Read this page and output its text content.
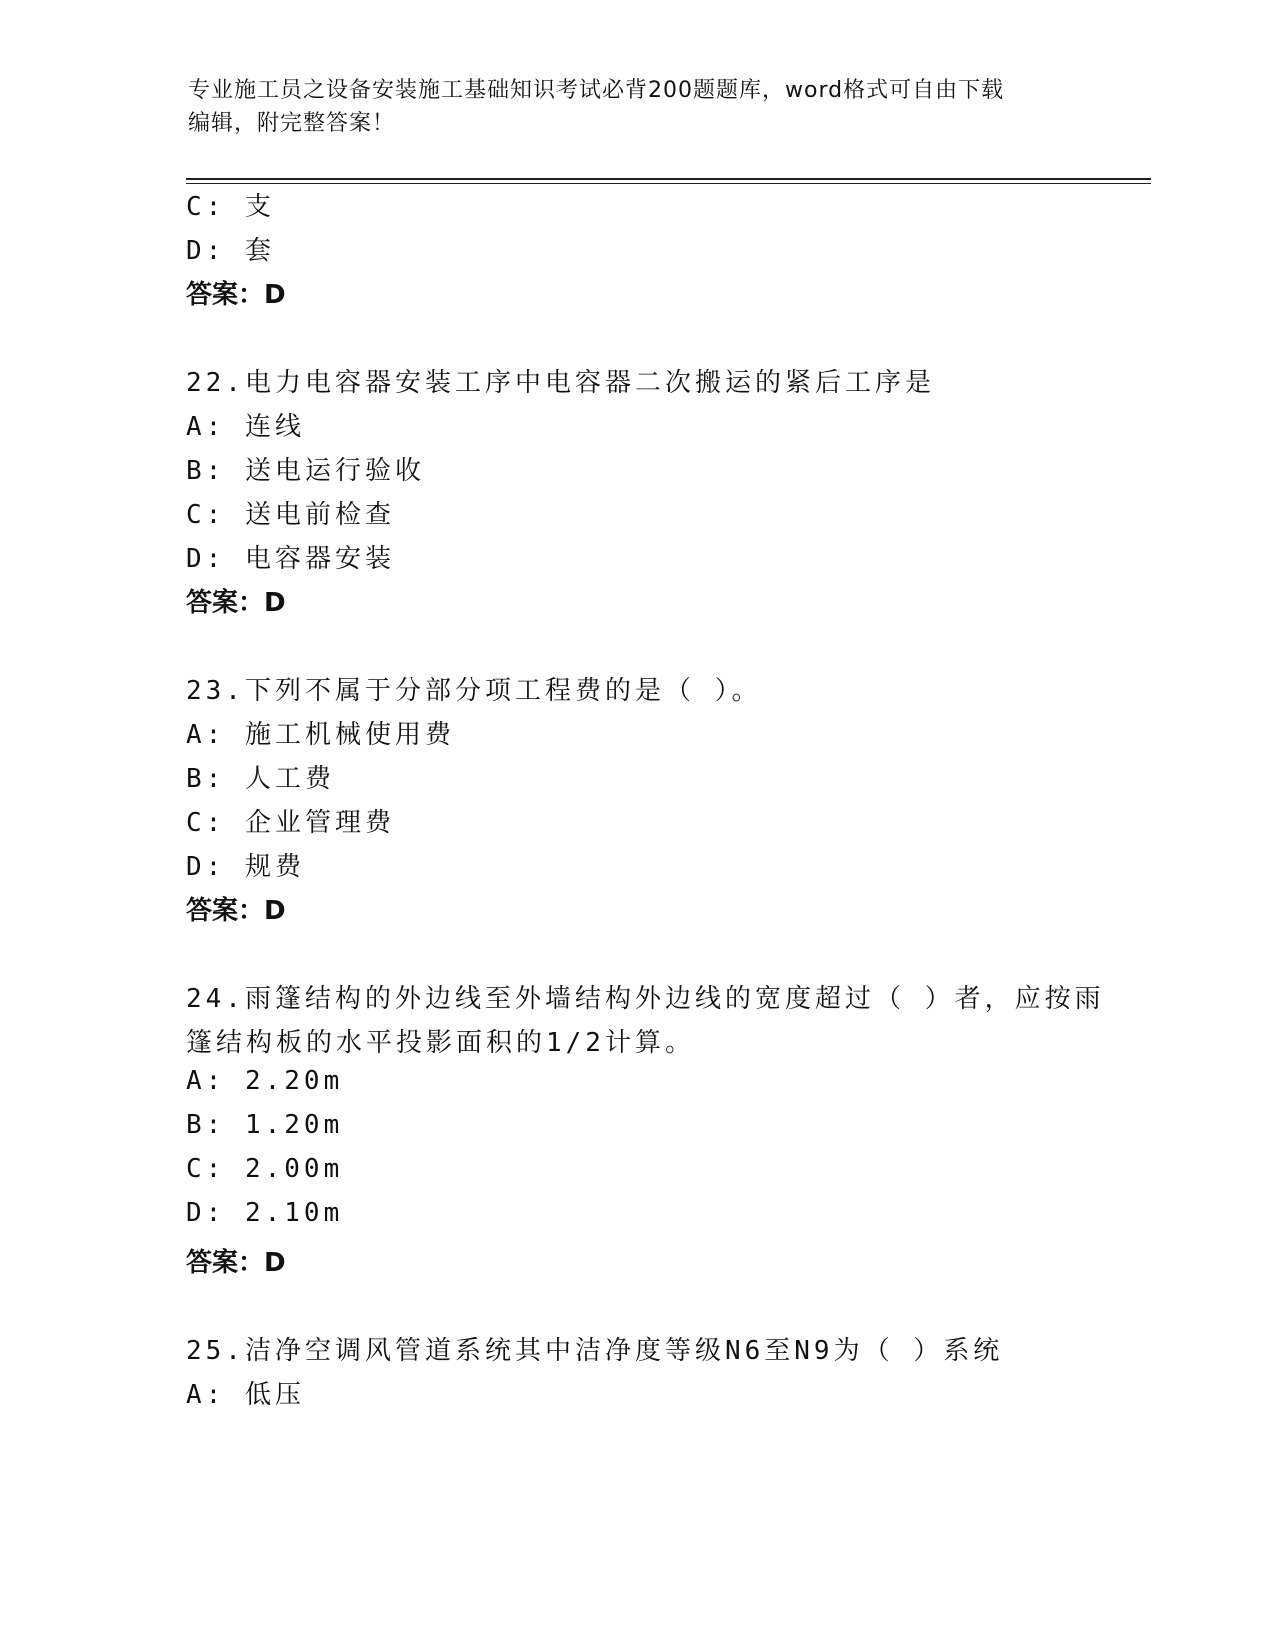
专业施工员之设备安装施工基础知识考试必背200题题库，word格式可自由下载
编辑，附完整答案！
C: 支
D: 套
答案：D
22.电力电容器安装工序中电容器二次搬运的紧后工序是
A: 连线
B: 送电运行验收
C: 送电前检查
D: 电容器安装
答案：D
23.下列不属于分部分项工程费的是（ ）。
A: 施工机械使用费
B: 人工费
C: 企业管理费
D: 规费
答案：D
24.雨篷结构的外边线至外墙结构外边线的宽度超过（ ）者，应按雨
篷结构板的水平投影面积的1/2计算。
A: 2.20m
B: 1.20m
C: 2.00m
D: 2.10m
答案：D
25.洁净空调风管道系统其中洁净度等级N6至N9为（ ）系统
A: 低压
